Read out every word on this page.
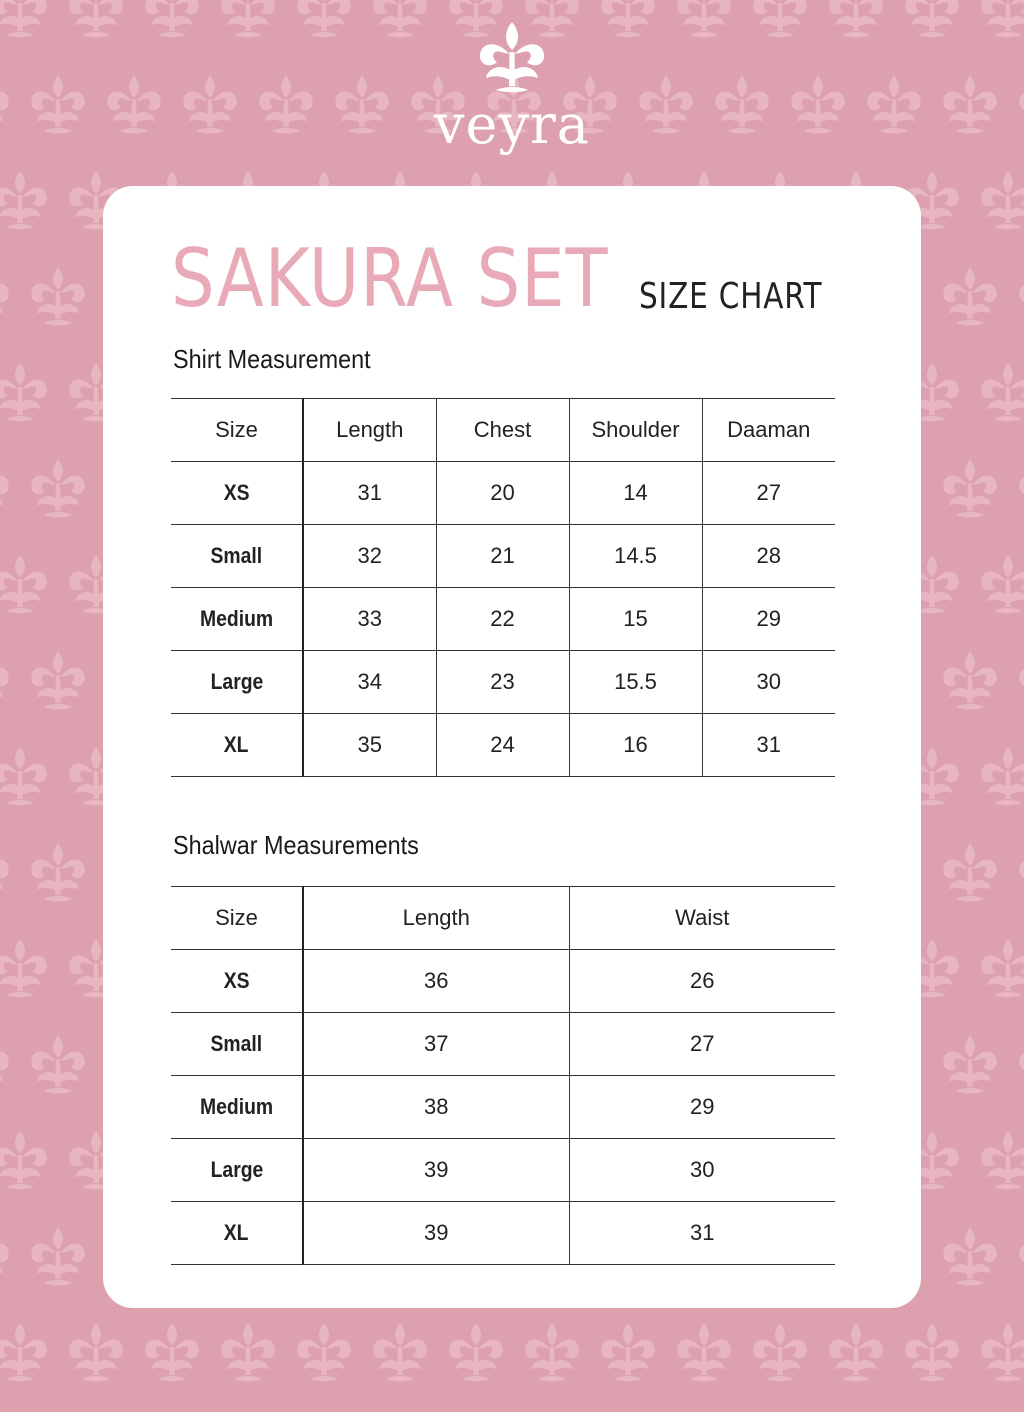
veyra
SAKURA SET SIZE CHART
Shirt Measurement
Size	Length	Chest	Shoulder	Daaman
XS	31	20	14	27
Small	32	21	14.5	28
Medium	33	22	15	29
Large	34	23	15.5	30
XL	35	24	16	31
Shalwar Measurements
Size	Length	Waist
XS	36	26
Small	37	27
Medium	38	29
Large	39	30
XL	39	31
